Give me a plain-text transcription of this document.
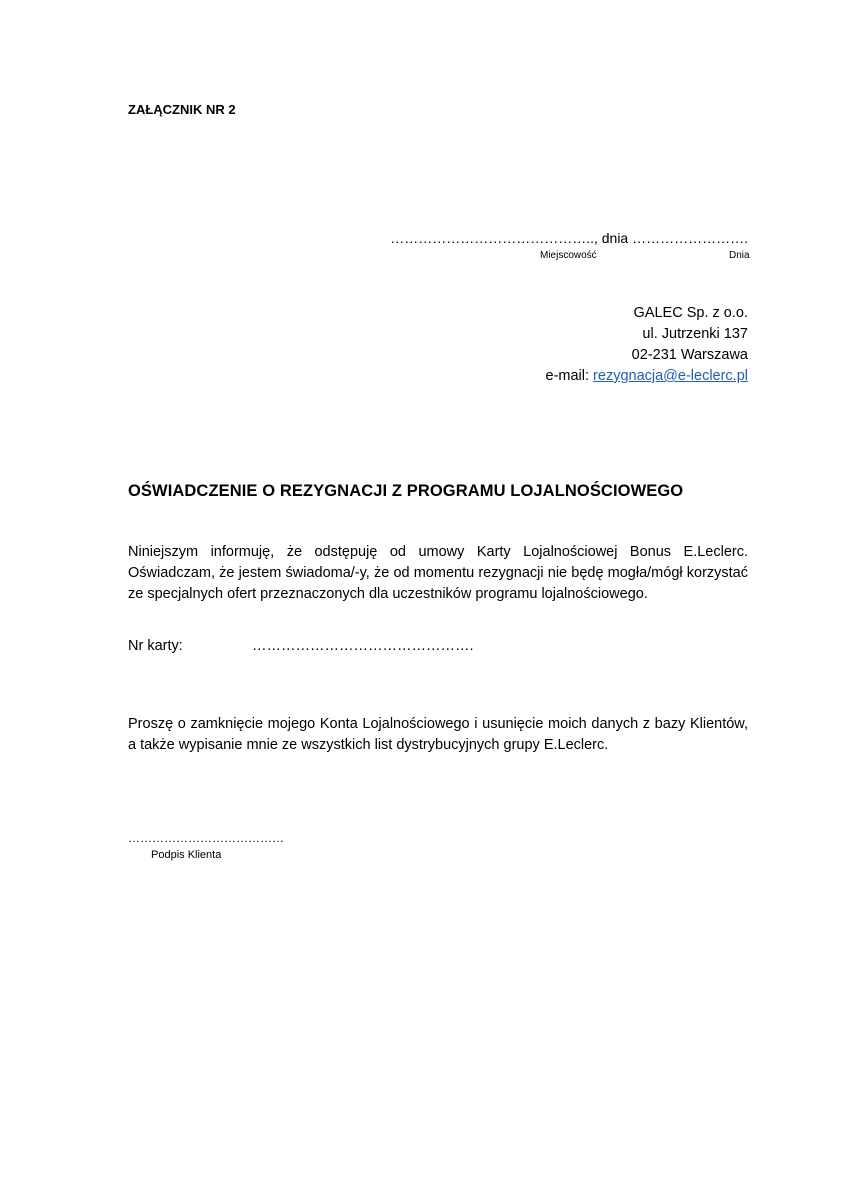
ZAŁĄCZNIK NR 2
…………………………………….., dnia …………………….
Miejscowość	Dnia
GALEC Sp. z o.o.
ul. Jutrzenki 137
02-231 Warszawa
e-mail: rezygnacja@e-leclerc.pl
OŚWIADCZENIE O REZYGNACJI Z PROGRAMU LOJALNOŚCIOWEGO
Niniejszym informuję, że odstępuję od umowy Karty Lojalnościowej Bonus E.Leclerc. Oświadczam, że jestem świadoma/-y, że od momentu rezygnacji nie będę mogła/mógł korzystać ze specjalnych ofert przeznaczonych dla uczestników programu lojalnościowego.
Nr karty:	……………………………………….
Proszę o zamknięcie mojego Konta Lojalnościowego i usunięcie moich danych z bazy Klientów, a także wypisanie mnie ze wszystkich list dystrybucyjnych grupy E.Leclerc.
…………………………………
Podpis Klienta
